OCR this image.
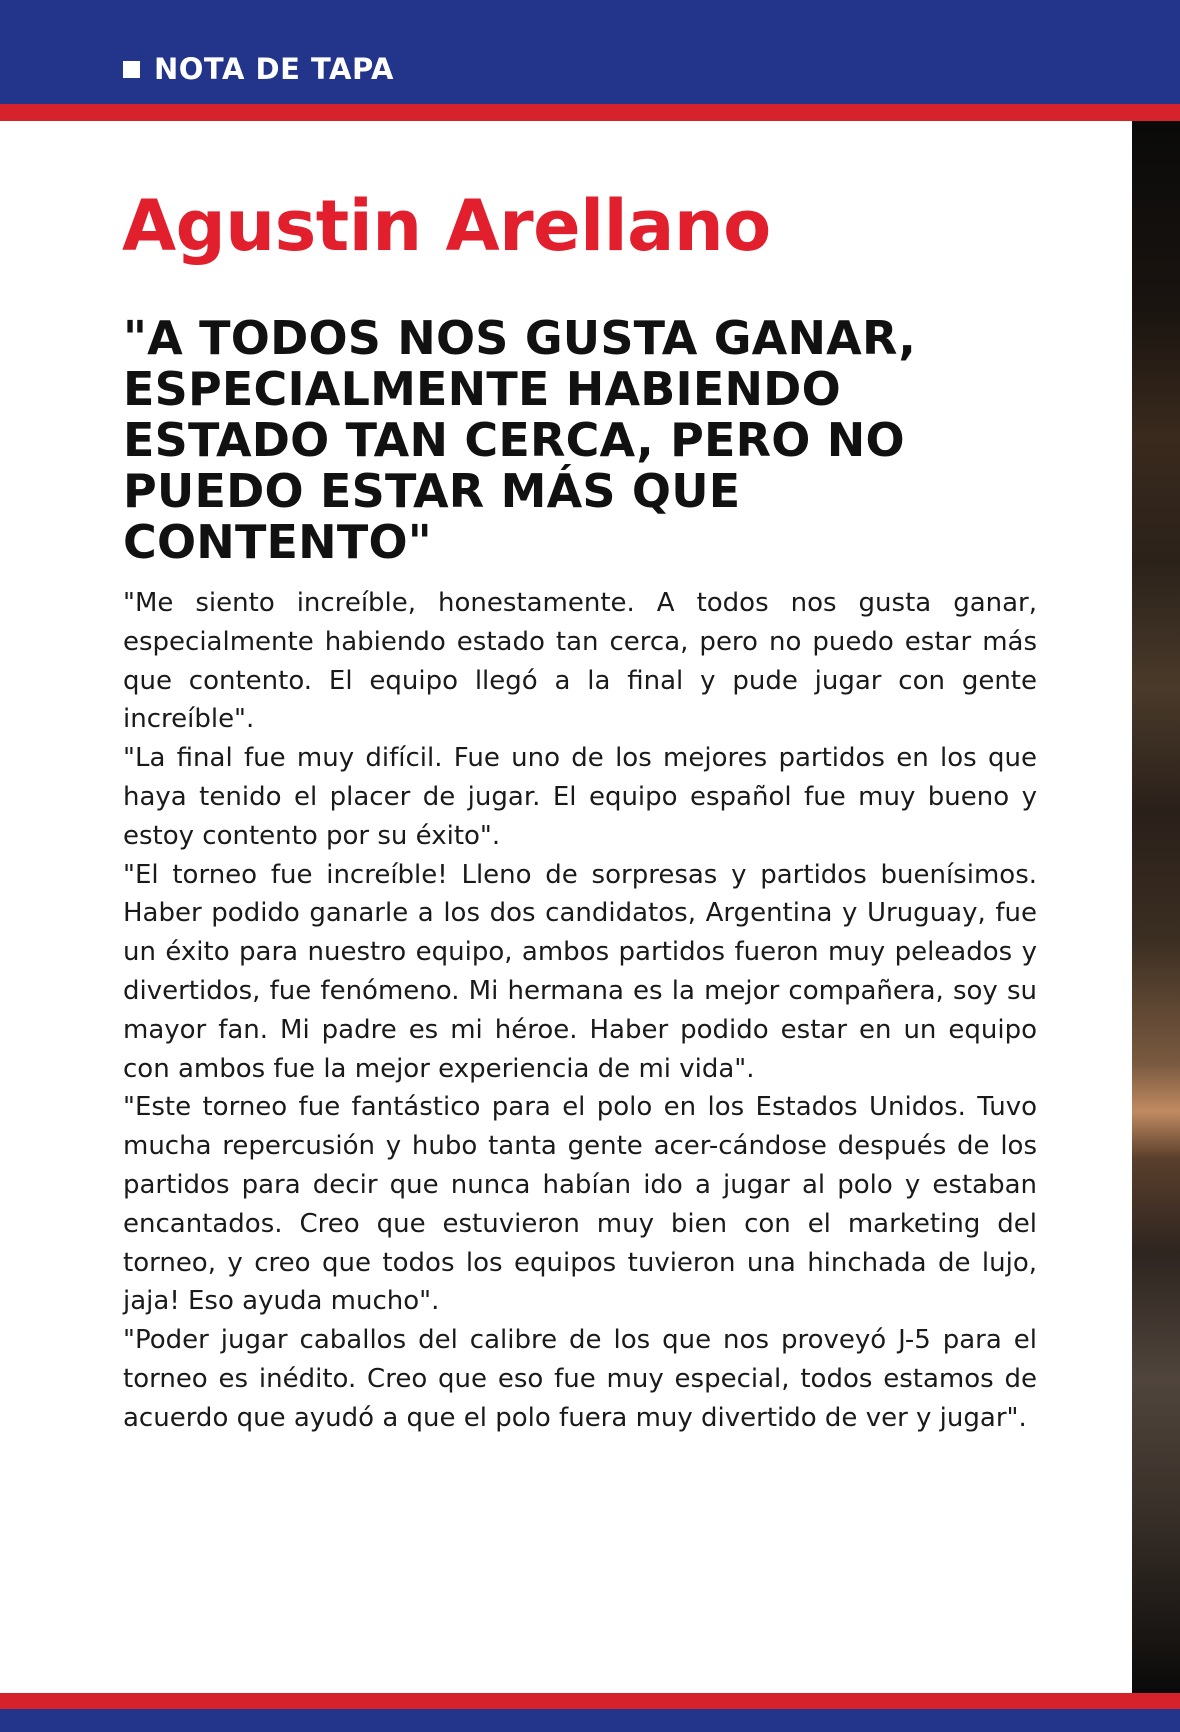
NOTA DE TAPA
Agustin Arellano
"A TODOS NOS GUSTA GANAR, ESPECIALMENTE HABIENDO ESTADO TAN CERCA, PERO NO PUEDO ESTAR MÁS QUE CONTENTO"

"Me siento increíble, honestamente. A todos nos gusta ganar, especialmente habiendo estado tan cerca, pero no puedo estar más que contento. El equipo llegó a la final y pude jugar con gente increíble".

"La final fue muy difícil. Fue uno de los mejores partidos en los que haya tenido el placer de jugar. El equipo español fue muy bueno y estoy contento por su éxito".

"El torneo fue increíble! Lleno de sorpresas y partidos buenísimos. Haber podido ganarle a los dos candidatos, Argentina y Uruguay, fue un éxito para nuestro equipo, ambos partidos fueron muy peleados y divertidos, fue fenómeno. Mi hermana es la mejor compañera, soy su mayor fan. Mi padre es mi héroe. Haber podido estar en un equipo con ambos fue la mejor experiencia de mi vida".

"Este torneo fue fantástico para el polo en los Estados Unidos. Tuvo mucha repercusión y hubo tanta gente acer-cándose después de los partidos para decir que nunca habían ido a jugar al polo y estaban encantados. Creo que estuvieron muy bien con el marketing del torneo, y creo que todos los equipos tuvieron una hinchada de lujo, jaja! Eso ayuda mucho".

"Poder jugar caballos del calibre de los que nos proveyó J-5 para el torneo es inédito. Creo que eso fue muy especial, todos estamos de acuerdo que ayudó a que el polo fuera muy divertido de ver y jugar".
